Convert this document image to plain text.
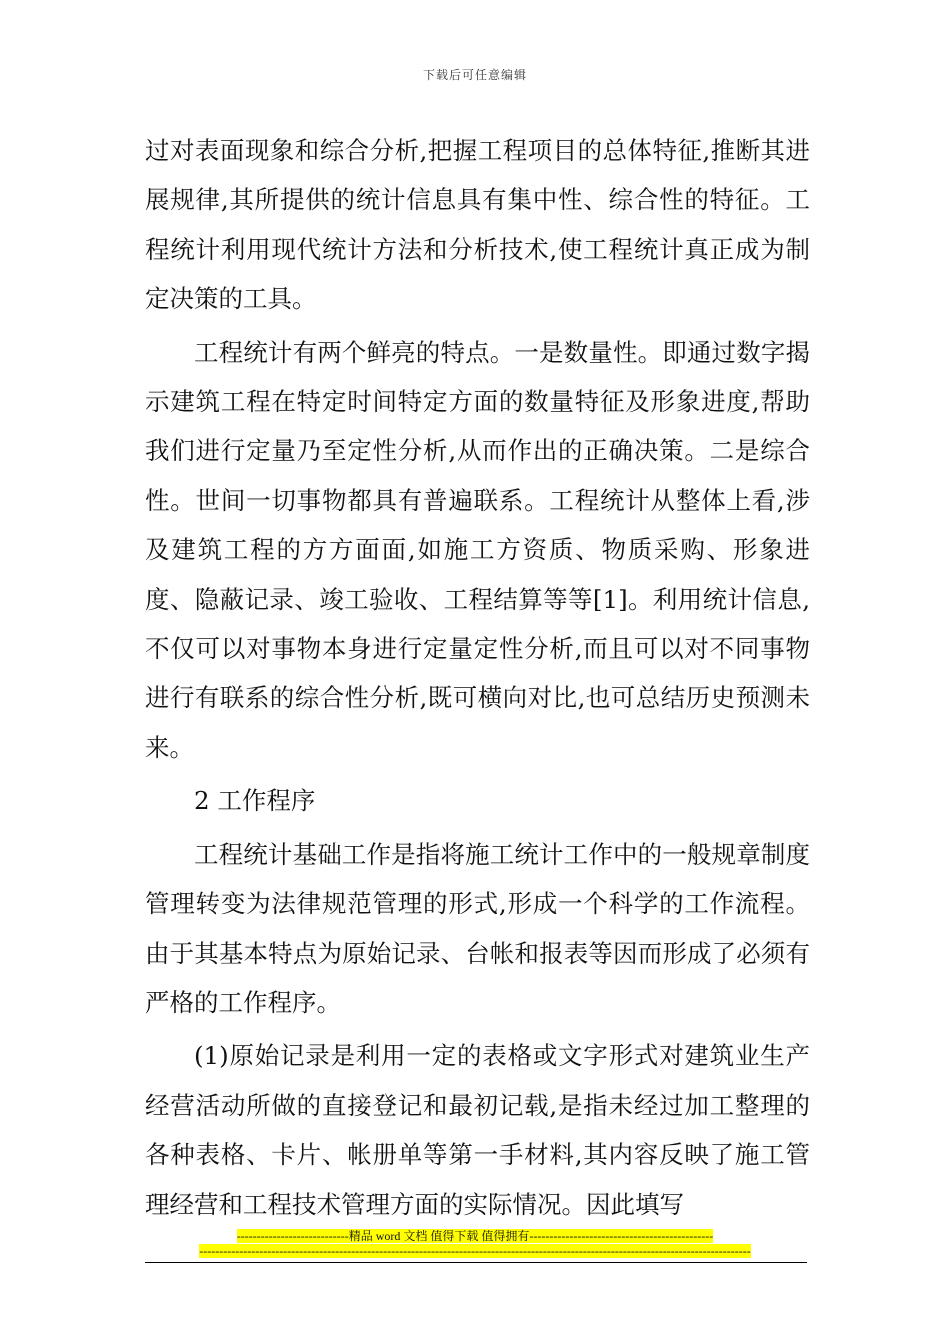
下载后可任意编辑

过对表面现象和综合分析,把握工程项目的总体特征,推断其进展规律,其所提供的统计信息具有集中性、综合性的特征。工程统计利用现代统计方法和分析技术,使工程统计真正成为制定决策的工具。

工程统计有两个鲜亮的特点。一是数量性。即通过数字揭示建筑工程在特定时间特定方面的数量特征及形象进度,帮助我们进行定量乃至定性分析,从而作出的正确决策。二是综合性。世间一切事物都具有普遍联系。工程统计从整体上看,涉及建筑工程的方方面面,如施工方资质、物质采购、形象进度、隐蔽记录、竣工验收、工程结算等等[1]。利用统计信息,不仅可以对事物本身进行定量定性分析,而且可以对不同事物进行有联系的综合性分析,既可横向对比,也可总结历史预测未来。

2 工作程序

工程统计基础工作是指将施工统计工作中的一般规章制度管理转变为法律规范管理的形式,形成一个科学的工作流程。由于其基本特点为原始记录、台帐和报表等因而形成了必须有严格的工作程序。

(1)原始记录是利用一定的表格或文字形式对建筑业生产经营活动所做的直接登记和最初记载,是指未经过加工整理的各种表格、卡片、帐册单等第一手材料,其内容反映了施工管理经营和工程技术管理方面的实际情况。因此填写

----------------------------精品 word 文档 值得下载 值得拥有----------------------------------------------
------------------------------------------------------------------------------------------------------------------------------------------
